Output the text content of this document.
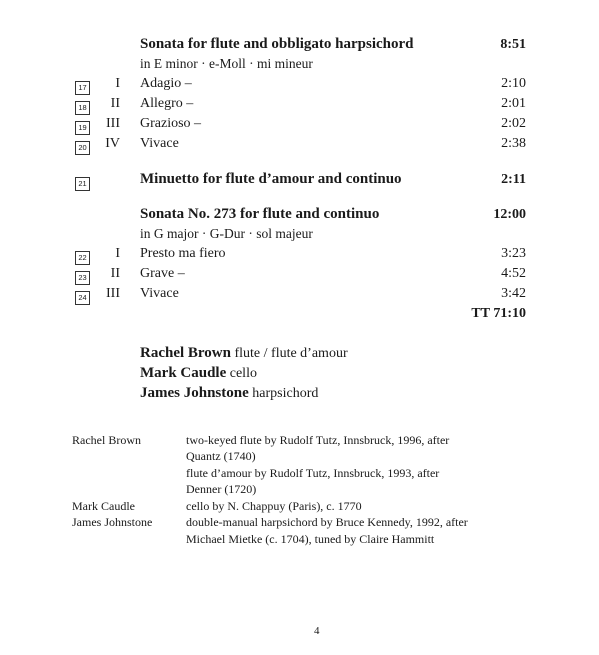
Sonata for flute and obbligato harpsichord	8:51
in E minor · e-Moll · mi mineur
17	I Adagio –	2:10
18	II Allegro –	2:01
19	III Grazioso –	2:02
20	IV Vivace	2:38
21	Minuetto for flute d’amour and continuo	2:11
Sonata No. 273 for flute and continuo	12:00
in G major · G-Dur · sol majeur
22	I Presto ma fiero	3:23
23	II Grave –	4:52
24	III Vivace	3:42
TT 71:10
Rachel Brown flute / flute d’amour
Mark Caudle cello
James Johnstone harpsichord
Rachel Brown	two-keyed flute by Rudolf Tutz, Innsbruck, 1996, after
Quantz (1740)
flute d’amour by Rudolf Tutz, Innsbruck, 1993, after
Denner (1720)
Mark Caudle	cello by N. Chappuy (Paris), c. 1770
James Johnstone	double-manual harpsichord by Bruce Kennedy, 1992, after
Michael Mietke (c. 1704), tuned by Claire Hammitt
4
